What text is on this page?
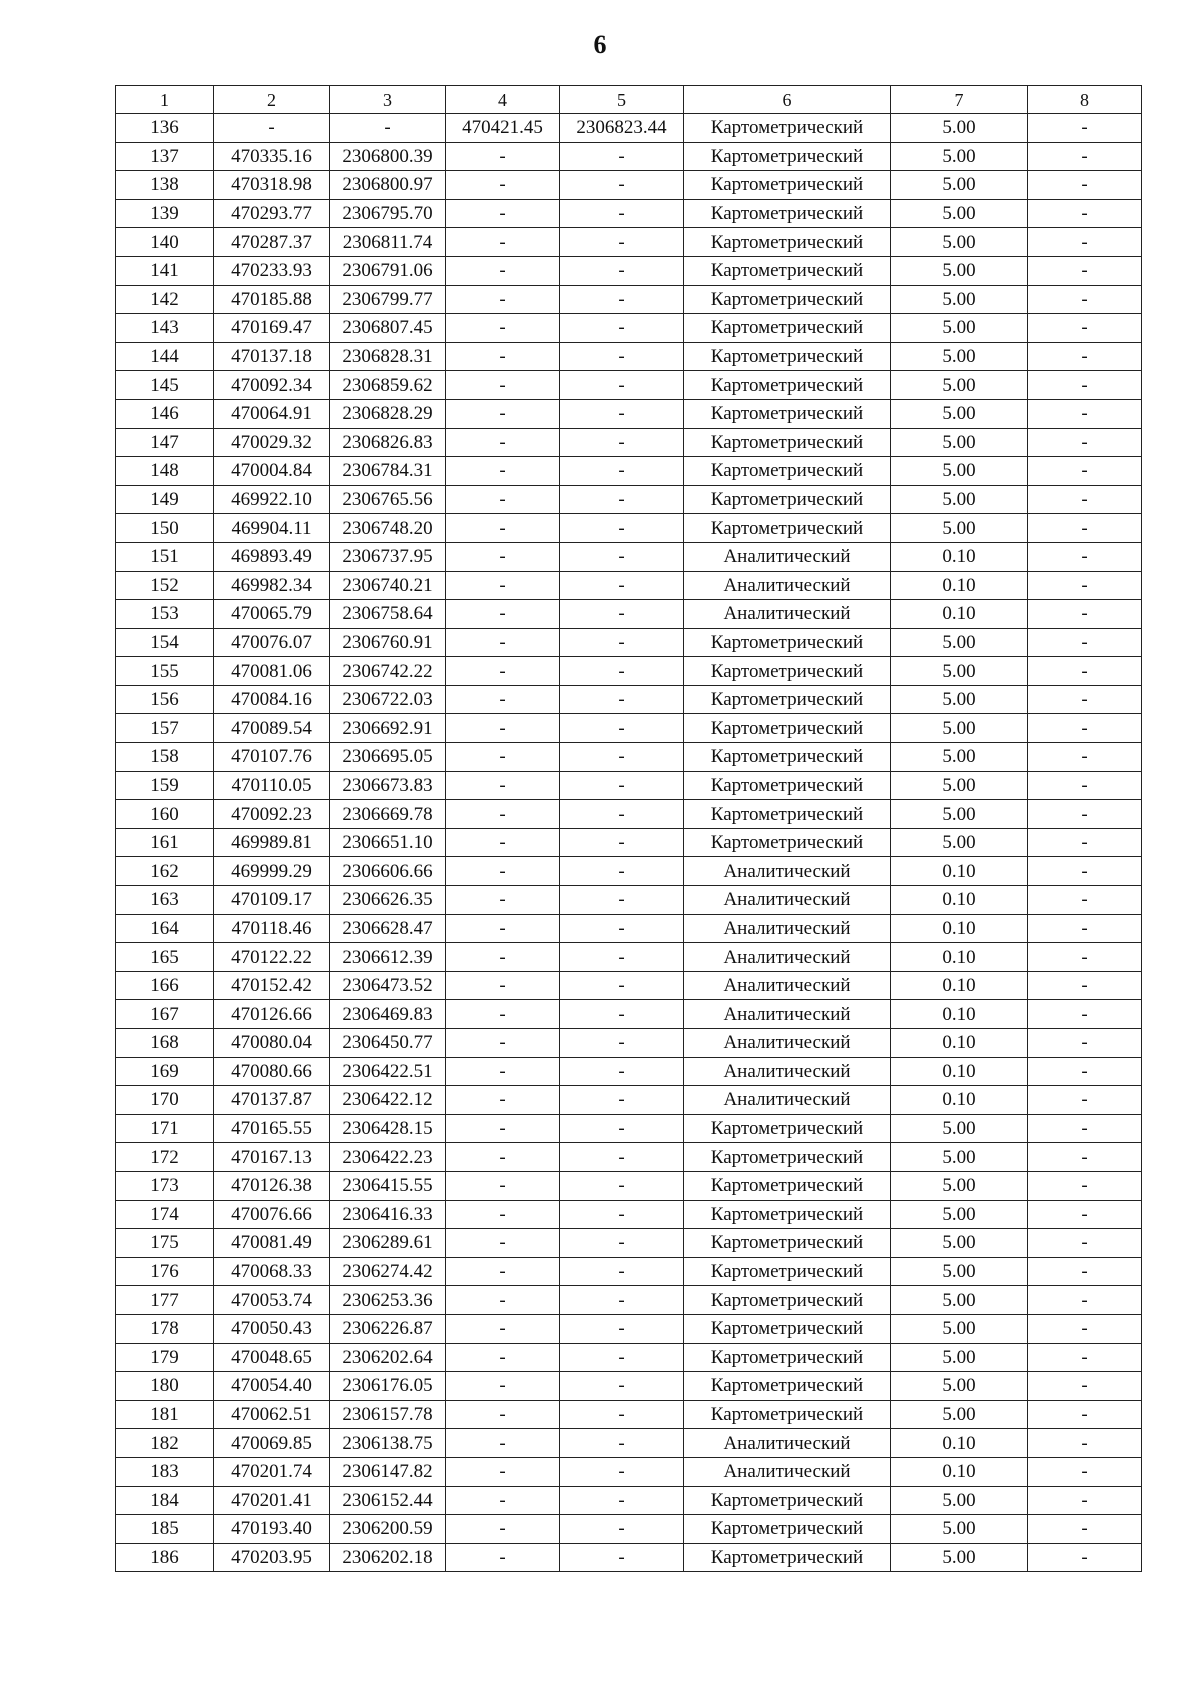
6
1	2	3	4	5	6	7	8
136	-	-	470421.45	2306823.44	Картометрический	5.00	-
137	470335.16	2306800.39	-	-	Картометрический	5.00	-
138	470318.98	2306800.97	-	-	Картометрический	5.00	-
139	470293.77	2306795.70	-	-	Картометрический	5.00	-
140	470287.37	2306811.74	-	-	Картометрический	5.00	-
141	470233.93	2306791.06	-	-	Картометрический	5.00	-
142	470185.88	2306799.77	-	-	Картометрический	5.00	-
143	470169.47	2306807.45	-	-	Картометрический	5.00	-
144	470137.18	2306828.31	-	-	Картометрический	5.00	-
145	470092.34	2306859.62	-	-	Картометрический	5.00	-
146	470064.91	2306828.29	-	-	Картометрический	5.00	-
147	470029.32	2306826.83	-	-	Картометрический	5.00	-
148	470004.84	2306784.31	-	-	Картометрический	5.00	-
149	469922.10	2306765.56	-	-	Картометрический	5.00	-
150	469904.11	2306748.20	-	-	Картометрический	5.00	-
151	469893.49	2306737.95	-	-	Аналитический	0.10	-
152	469982.34	2306740.21	-	-	Аналитический	0.10	-
153	470065.79	2306758.64	-	-	Аналитический	0.10	-
154	470076.07	2306760.91	-	-	Картометрический	5.00	-
155	470081.06	2306742.22	-	-	Картометрический	5.00	-
156	470084.16	2306722.03	-	-	Картометрический	5.00	-
157	470089.54	2306692.91	-	-	Картометрический	5.00	-
158	470107.76	2306695.05	-	-	Картометрический	5.00	-
159	470110.05	2306673.83	-	-	Картометрический	5.00	-
160	470092.23	2306669.78	-	-	Картометрический	5.00	-
161	469989.81	2306651.10	-	-	Картометрический	5.00	-
162	469999.29	2306606.66	-	-	Аналитический	0.10	-
163	470109.17	2306626.35	-	-	Аналитический	0.10	-
164	470118.46	2306628.47	-	-	Аналитический	0.10	-
165	470122.22	2306612.39	-	-	Аналитический	0.10	-
166	470152.42	2306473.52	-	-	Аналитический	0.10	-
167	470126.66	2306469.83	-	-	Аналитический	0.10	-
168	470080.04	2306450.77	-	-	Аналитический	0.10	-
169	470080.66	2306422.51	-	-	Аналитический	0.10	-
170	470137.87	2306422.12	-	-	Аналитический	0.10	-
171	470165.55	2306428.15	-	-	Картометрический	5.00	-
172	470167.13	2306422.23	-	-	Картометрический	5.00	-
173	470126.38	2306415.55	-	-	Картометрический	5.00	-
174	470076.66	2306416.33	-	-	Картометрический	5.00	-
175	470081.49	2306289.61	-	-	Картометрический	5.00	-
176	470068.33	2306274.42	-	-	Картометрический	5.00	-
177	470053.74	2306253.36	-	-	Картометрический	5.00	-
178	470050.43	2306226.87	-	-	Картометрический	5.00	-
179	470048.65	2306202.64	-	-	Картометрический	5.00	-
180	470054.40	2306176.05	-	-	Картометрический	5.00	-
181	470062.51	2306157.78	-	-	Картометрический	5.00	-
182	470069.85	2306138.75	-	-	Аналитический	0.10	-
183	470201.74	2306147.82	-	-	Аналитический	0.10	-
184	470201.41	2306152.44	-	-	Картометрический	5.00	-
185	470193.40	2306200.59	-	-	Картометрический	5.00	-
186	470203.95	2306202.18	-	-	Картометрический	5.00	-
